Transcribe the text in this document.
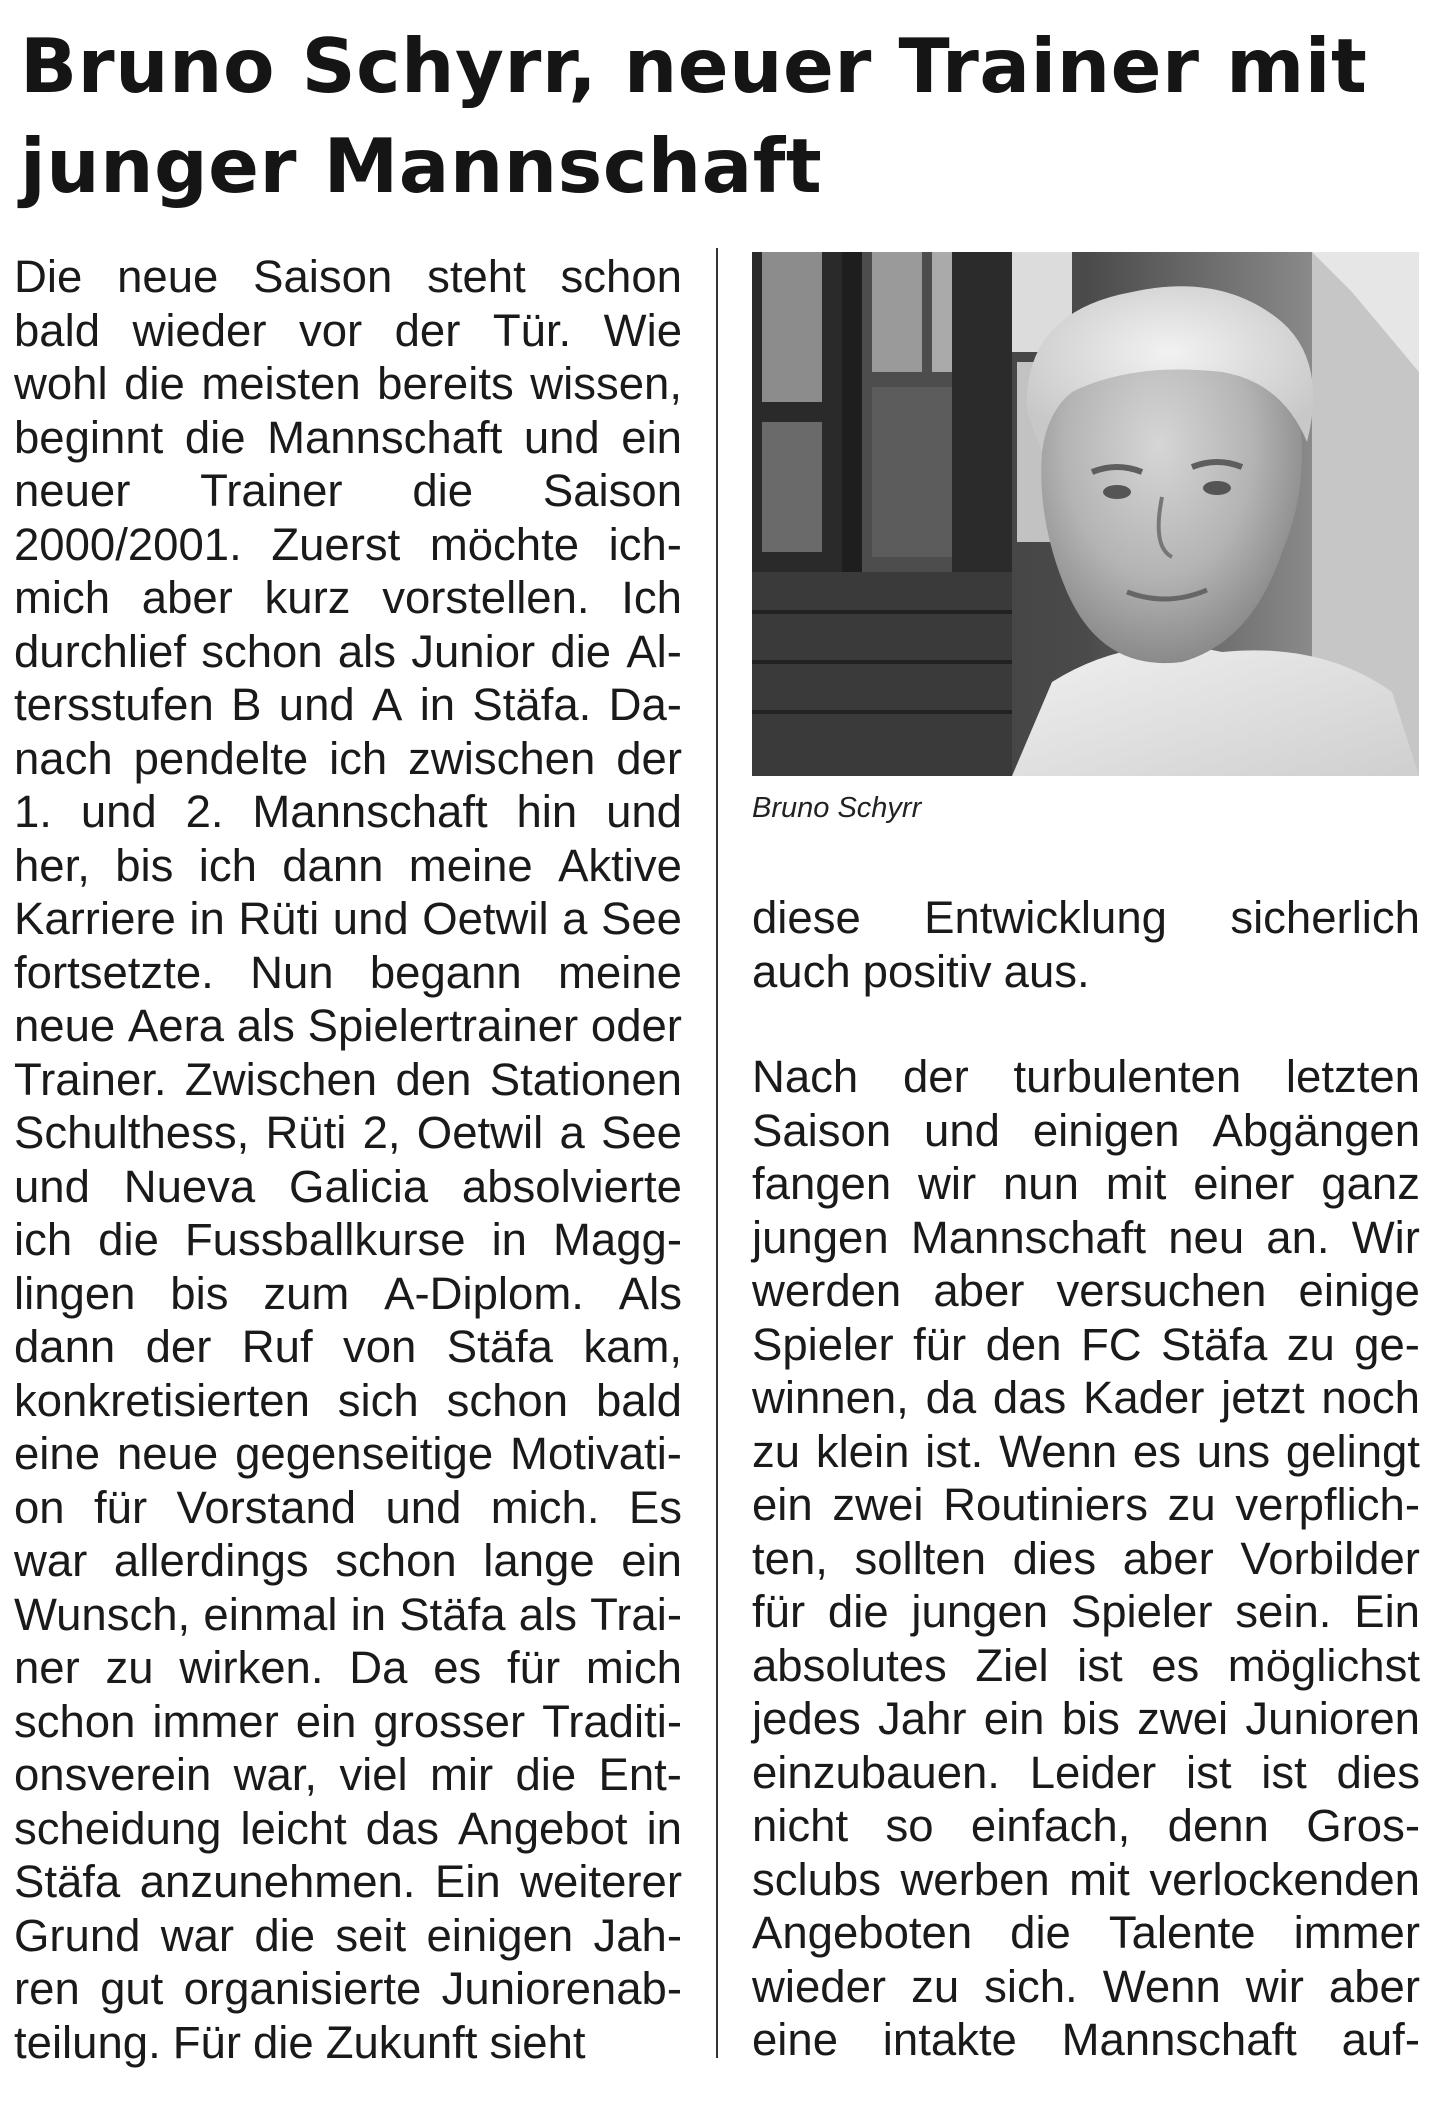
Bruno Schyrr, neuer Trainer mit
junger Mannschaft
Die neue Saison steht schon
bald wieder vor der Tür. Wie
wohl die meisten bereits wissen,
beginnt die Mannschaft und ein
neuer Trainer die Saison
2000/2001. Zuerst möchte ich-
mich aber kurz vorstellen. Ich
durchlief schon als Junior die Al-
tersstufen B und A in Stäfa. Da-
nach pendelte ich zwischen der
1. und 2. Mannschaft hin und
her, bis ich dann meine Aktive
Karriere in Rüti und Oetwil a See
fortsetzte. Nun begann meine
neue Aera als Spielertrainer oder
Trainer. Zwischen den Stationen
Schulthess, Rüti 2, Oetwil a See
und Nueva Galicia absolvierte
ich die Fussballkurse in Magg-
lingen bis zum A-Diplom. Als
dann der Ruf von Stäfa kam,
konkretisierten sich schon bald
eine neue gegenseitige Motivati-
on für Vorstand und mich. Es
war allerdings schon lange ein
Wunsch, einmal in Stäfa als Trai-
ner zu wirken. Da es für mich
schon immer ein grosser Traditi-
onsverein war, viel mir die Ent-
scheidung leicht das Angebot in
Stäfa anzunehmen. Ein weiterer
Grund war die seit einigen Jah-
ren gut organisierte Juniorenab-
teilung. Für die Zukunft sieht
Bruno Schyrr
diese Entwicklung sicherlich
auch positiv aus.
Nach der turbulenten letzten
Saison und einigen Abgängen
fangen wir nun mit einer ganz
jungen Mannschaft neu an. Wir
werden aber versuchen einige
Spieler für den FC Stäfa zu ge-
winnen, da das Kader jetzt noch
zu klein ist. Wenn es uns gelingt
ein zwei Routiniers zu verpflich-
ten, sollten dies aber Vorbilder
für die jungen Spieler sein. Ein
absolutes Ziel ist es möglichst
jedes Jahr ein bis zwei Junioren
einzubauen. Leider ist ist dies
nicht so einfach, denn Gros-
sclubs werben mit verlockenden
Angeboten die Talente immer
wieder zu sich. Wenn wir aber
eine intakte Mannschaft auf-
